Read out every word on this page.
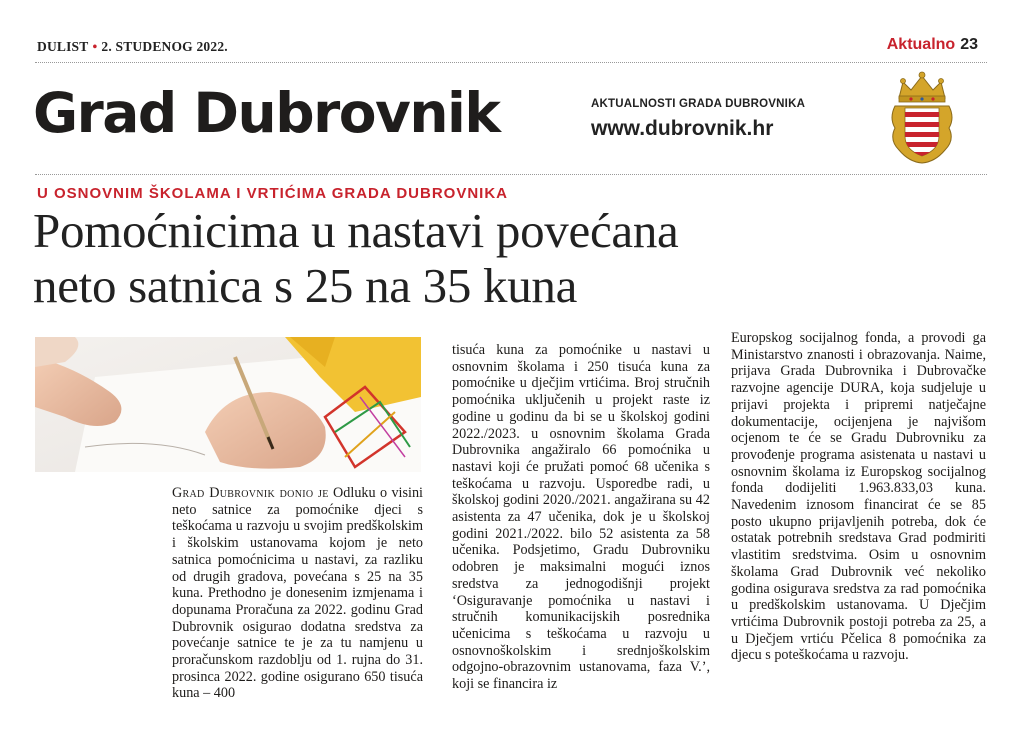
DULIST • 2. STUDENOG 2022.	Aktualno 23
Grad Dubrovnik	AKTUALNOSTI GRADA DUBROVNIKA
www.dubrovnik.hr
U OSNOVNIM ŠKOLAMA I VRTIĆIMA GRADA DUBROVNIKA
Pomoćnicima u nastavi povećana
neto satnica s 25 na 35 kuna
Grad Dubrovnik donio je Odluku o visini neto satnice za pomoćnike djeci s teškoćama u razvoju u svojim predškolskim i školskim ustanovama kojom je neto satnica pomoćnicima u nastavi, za razliku od drugih gradova, povećana s 25 na 35 kuna. Prethodno je donesenim izmjenama i dopunama Proračuna za 2022. godinu Grad Dubrovnik osigurao dodatna sredstva za povećanje satnice te je za tu namjenu u proračunskom razdoblju od 1. rujna do 31. prosinca 2022. godine osigurano 650 tisuća kuna – 400
tisuća kuna za pomoćnike u nastavi u osnovnim školama i 250 tisuća kuna za pomoćnike u dječjim vrtićima. Broj stručnih pomoćnika uključenih u projekt raste iz godine u godinu da bi se u školskoj godini 2022./2023. u osnovnim školama Grada Dubrovnika angažiralo 66 pomoćnika u nastavi koji će pružati pomoć 68 učenika s teškoćama u razvoju. Usporedbe radi, u školskoj godini 2020./2021. angažirana su 42 asistenta za 47 učenika, dok je u školskoj godini 2021./2022. bilo 52 asistenta za 58 učenika. Podsjetimo, Gradu Dubrovniku odobren je maksimalni mogući iznos sredstva za jednogodišnji projekt ‘Osiguravanje pomoćnika u nastavi i stručnih komunikacijskih posrednika učenicima s teškoćama u razvoju u osnovnoškolskim i srednjoškolskim odgojno-obrazovnim ustanovama, faza V.’, koji se financira iz
Europskog socijalnog fonda, a provodi ga Ministarstvo znanosti i obrazovanja. Naime, prijava Grada Dubrovnika i Dubrovačke razvojne agencije DURA, koja sudjeluje u prijavi projekta i pripremi natječajne dokumentacije, ocijenjena je najvišom ocjenom te će se Gradu Dubrovniku za provođenje programa asistenata u nastavi u osnovnim školama iz Europskog socijalnog fonda dodijeliti 1.963.833,03 kuna. Navedenim iznosom financirat će se 85 posto ukupno prijavljenih potreba, dok će ostatak potrebnih sredstava Grad podmiriti vlastitim sredstvima. Osim u osnovnim školama Grad Dubrovnik već nekoliko godina osigurava sredstva za rad pomoćnika u predškolskim ustanovama. U Dječjim vrtićima Dubrovnik postoji potreba za 25, a u Dječjem vrtiću Pčelica 8 pomoćnika za djecu s poteškoćama u razvoju.
